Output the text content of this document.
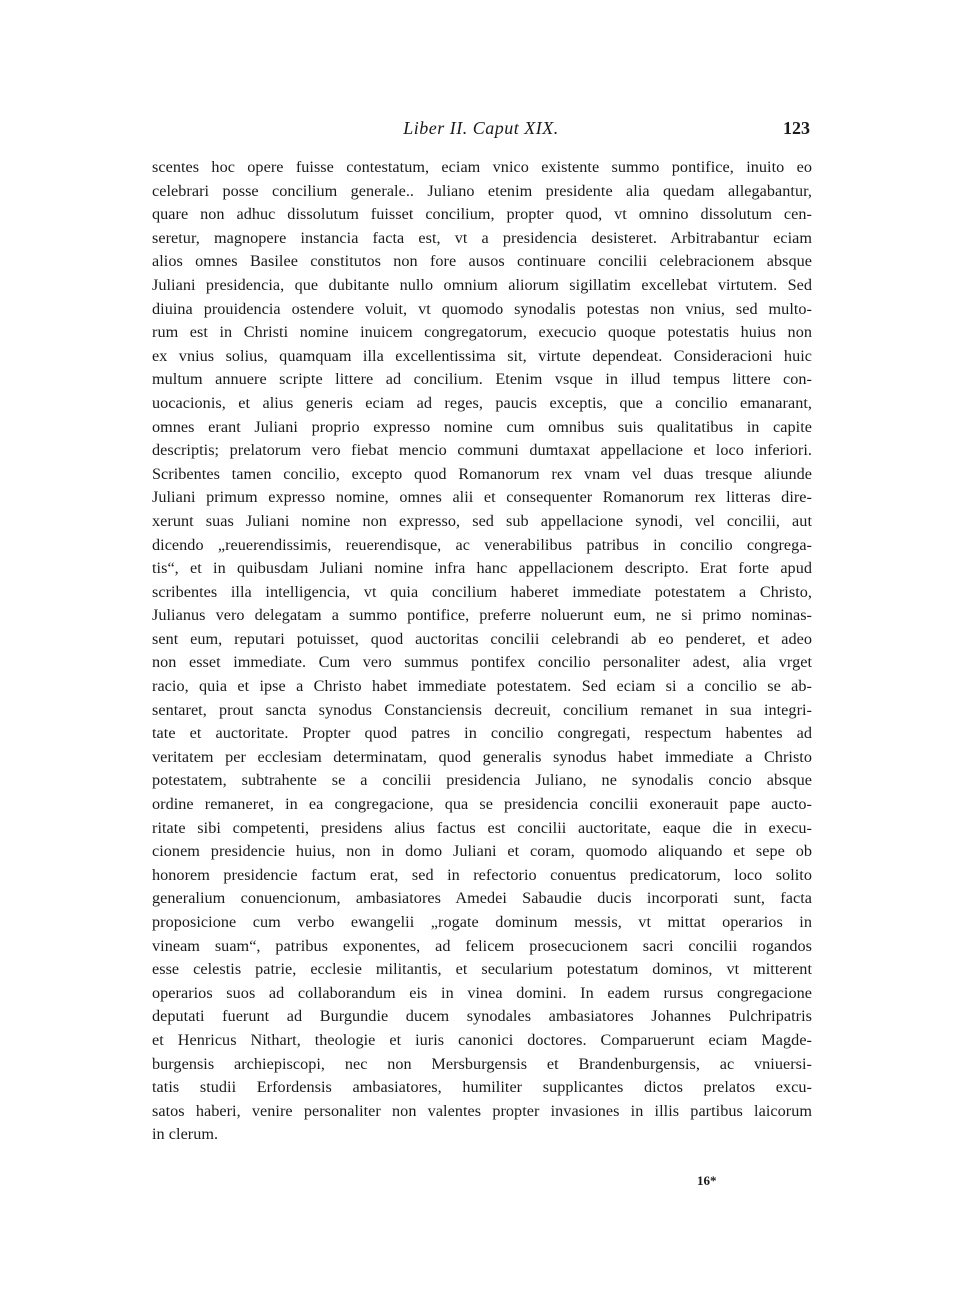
Liber II. Caput XIX.	123
scentes hoc opere fuisse contestatum, eciam vnico existente summo pontifice, inuito eo
celebrari posse concilium generale.. Juliano etenim presidente alia quedam allegabantur,
quare non adhuc dissolutum fuisset concilium, propter quod, vt omnino dissolutum cen-
seretur, magnopere instancia facta est, vt a presidencia desisteret. Arbitrabantur eciam
alios omnes Basilee constitutos non fore ausos continuare concilii celebracionem absque
Juliani presidencia, que dubitante nullo omnium aliorum sigillatim excellebat virtutem. Sed
diuina prouidencia ostendere voluit, vt quomodo synodalis potestas non vnius, sed multo-
rum est in Christi nomine inuicem congregatorum, execucio quoque potestatis huius non
ex vnius solius, quamquam illa excellentissima sit, virtute dependeat. Consideracioni huic
multum annuere scripte littere ad concilium. Etenim vsque in illud tempus littere con-
uocacionis, et alius generis eciam ad reges, paucis exceptis, que a concilio emanarant,
omnes erant Juliani proprio expresso nomine cum omnibus suis qualitatibus in capite
descriptis; prelatorum vero fiebat mencio communi dumtaxat appellacione et loco inferiori.
Scribentes tamen concilio, excepto quod Romanorum rex vnam vel duas tresque aliunde
Juliani primum expresso nomine, omnes alii et consequenter Romanorum rex litteras dire-
xerunt suas Juliani nomine non expresso, sed sub appellacione synodi, vel concilii, aut
dicendo „reuerendissimis, reuerendisque, ac venerabilibus patribus in concilio congrega-
tis“, et in quibusdam Juliani nomine infra hanc appellacionem descripto. Erat forte apud
scribentes illa intelligencia, vt quia concilium haberet immediate potestatem a Christo,
Julianus vero delegatam a summo pontifice, preferre noluerunt eum, ne si primo nominas-
sent eum, reputari potuisset, quod auctoritas concilii celebrandi ab eo penderet, et adeo
non esset immediate. Cum vero summus pontifex concilio personaliter adest, alia vrget
racio, quia et ipse a Christo habet immediate potestatem. Sed eciam si a concilio se ab-
sentaret, prout sancta synodus Constanciensis decreuit, concilium remanet in sua integri-
tate et auctoritate. Propter quod patres in concilio congregati, respectum habentes ad
veritatem per ecclesiam determinatam, quod generalis synodus habet immediate a Christo
potestatem, subtrahente se a concilii presidencia Juliano, ne synodalis concio absque
ordine remaneret, in ea congregacione, qua se presidencia concilii exonerauit pape aucto-
ritate sibi competenti, presidens alius factus est concilii auctoritate, eaque die in execu-
cionem presidencie huius, non in domo Juliani et coram, quomodo aliquando et sepe ob
honorem presidencie factum erat, sed in refectorio conuentus predicatorum, loco solito
generalium conuencionum, ambasiatores Amedei Sabaudie ducis incorporati sunt, facta
proposicione cum verbo ewangelii „rogate dominum messis, vt mittat operarios in
vineam suam“, patribus exponentes, ad felicem prosecucionem sacri concilii rogandos
esse celestis patrie, ecclesie militantis, et secularium potestatum dominos, vt mitterent
operarios suos ad collaborandum eis in vinea domini. In eadem rursus congregacione
deputati fuerunt ad Burgundie ducem synodales ambasiatores Johannes Pulchripatris
et Henricus Nithart, theologie et iuris canonici doctores. Comparuerunt eciam Magde-
burgensis archiepiscopi, nec non Mersburgensis et Brandenburgensis, ac vniuersi-
tatis studii Erfordensis ambasiatores, humiliter supplicantes dictos prelatos excu-
satos haberi, venire personaliter non valentes propter invasiones in illis partibus laicorum
in clerum.
16*
